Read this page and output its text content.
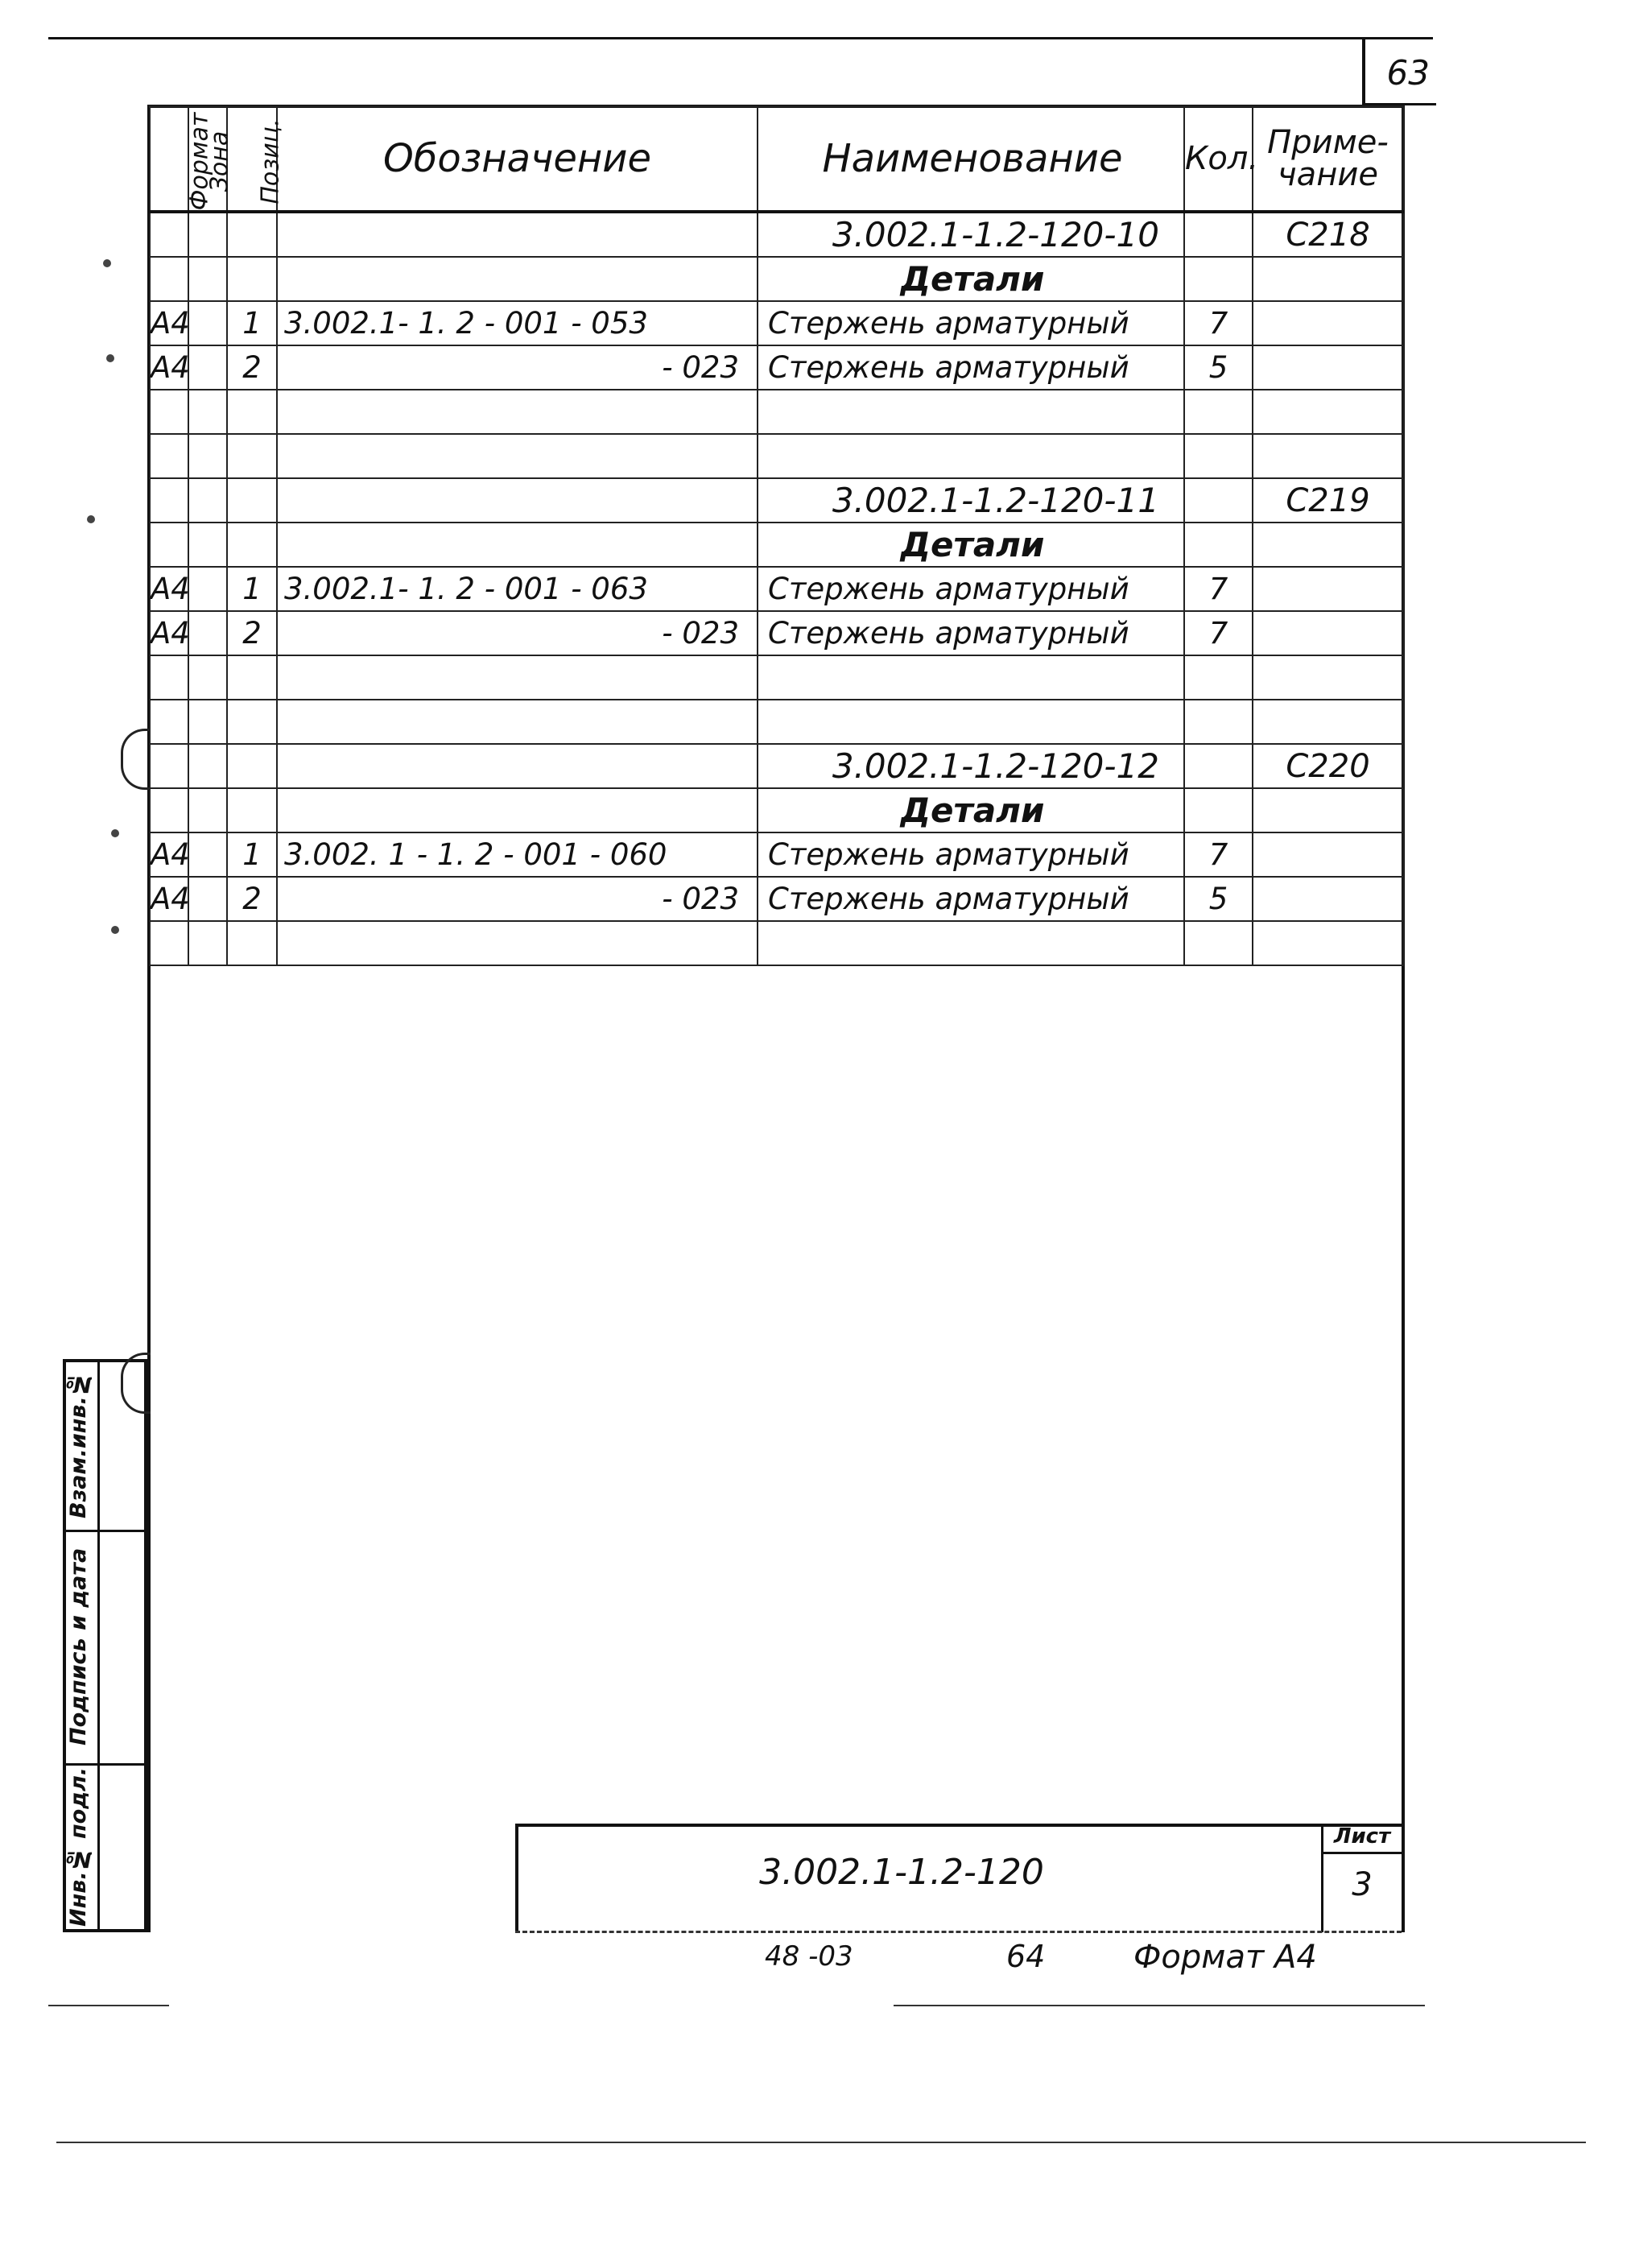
63
Формат	Зона	Позиц.	Обозначение	Наименование	Кол.	Приме-
чание

				3.002.1-1.2-120-10		С218
				Детали		
А4		1	3.002.1- 1. 2 - 001 - 053	Стержень арматурный	7	
А4		2	- 023	Стержень арматурный	5	

				3.002.1-1.2-120-11		С219
				Детали		
А4		1	3.002.1- 1. 2 - 001 - 063	Стержень арматурный	7	
А4		2	- 023	Стержень арматурный	7	

				3.002.1-1.2-120-12		С220
				Детали		
А4		1	3.002. 1 - 1. 2 - 001 - 060	Стержень арматурный	7	
А4		2	- 023	Стержень арматурный	5	

Инв.№ подл.
Подпись и дата
Взам.инв.№
3.002.1-1.2-120
Лист
3
48 -03	64	Формат А4
